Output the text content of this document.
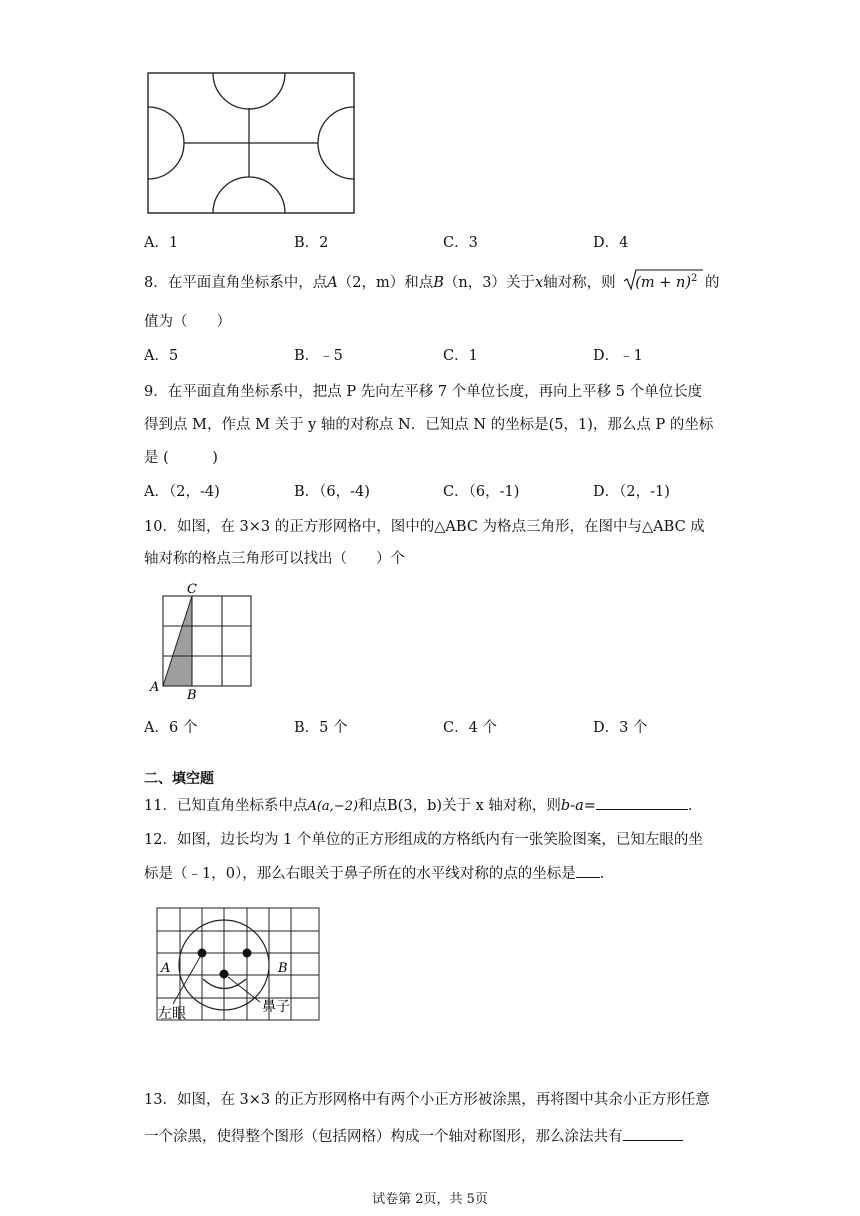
A．1	B．2	C．3	D．4
8．在平面直角坐标系中，点A（2，m）和点B（n，3）关于x轴对称，则 $(m + n)^2$ 的
值为（　　）
A．5	B．﹣5	C．1	D．﹣1
9．在平面直角坐标系中，把点 P 先向左平移 7 个单位长度，再向上平移 5 个单位长度
得到点 M，作点 M 关于 y 轴的对称点 N．已知点 N 的坐标是(5，1)，那么点 P 的坐标
是 (　　　)
A．（2，-4)	B．（6，-4)	C．（6，-1)	D．（2，-1)
10．如图，在 3×3 的正方形网格中，图中的△ABC 为格点三角形，在图中与△ABC 成
轴对称的格点三角形可以找出（　　）个
C
A
B
A．6 个	B．5 个	C．4 个	D．3 个
二、填空题
11．已知直角坐标系中点A(a,−2)和点B(3，b)关于 x 轴对称，则b-a=	.
12．如图，边长均为 1 个单位的正方形组成的方格纸内有一张笑脸图案，已知左眼的坐
标是（﹣1，0），那么右眼关于鼻子所在的水平线对称的点的坐标是 .
A	B
左眼	鼻子
13．如图，在 3×3 的正方形网格中有两个小正方形被涂黑，再将图中其余小正方形任意
一个涂黑，使得整个图形（包括网格）构成一个轴对称图形，那么涂法共有
试卷第 2页，共 5页
